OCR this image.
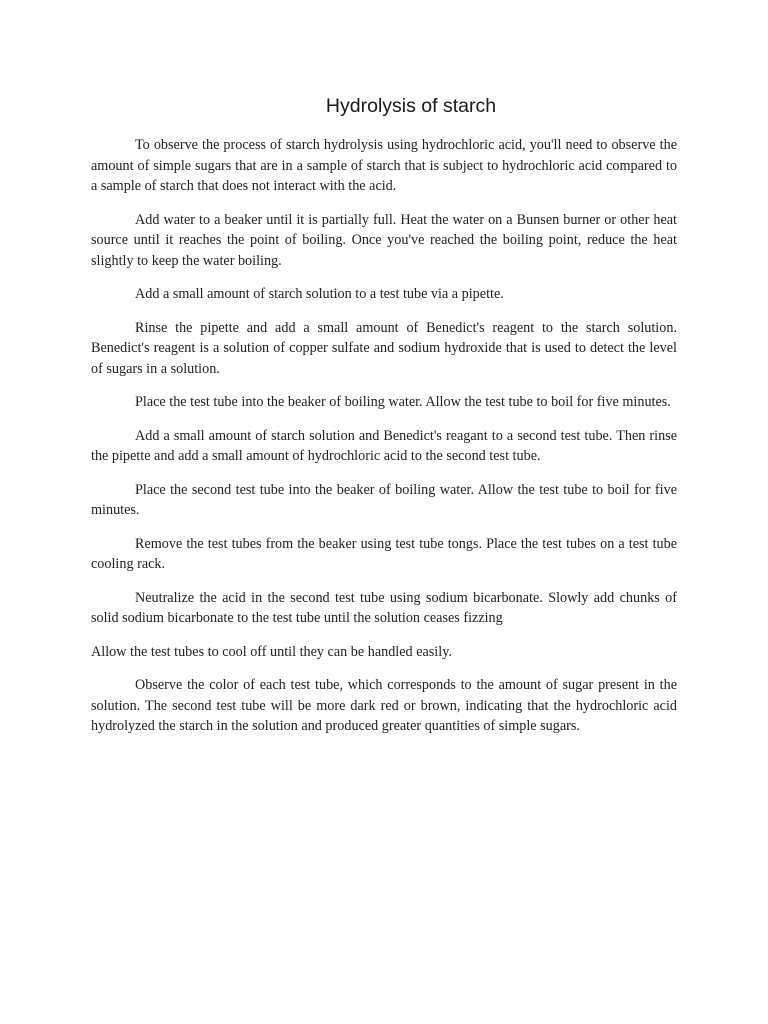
Hydrolysis of starch

To observe the process of starch hydrolysis using hydrochloric acid, you'll need to observe the amount of simple sugars that are in a sample of starch that is subject to hydrochloric acid compared to a sample of starch that does not interact with the acid.

Add water to a beaker until it is partially full. Heat the water on a Bunsen burner or other heat source until it reaches the point of boiling. Once you've reached the boiling point, reduce the heat slightly to keep the water boiling.

Add a small amount of starch solution to a test tube via a pipette.

Rinse the pipette and add a small amount of Benedict's reagent to the starch solution. Benedict's reagent is a solution of copper sulfate and sodium hydroxide that is used to detect the level of sugars in a solution.

Place the test tube into the beaker of boiling water. Allow the test tube to boil for five minutes.

Add a small amount of starch solution and Benedict's reagant to a second test tube. Then rinse the pipette and add a small amount of hydrochloric acid to the second test tube.

Place the second test tube into the beaker of boiling water. Allow the test tube to boil for five minutes.

Remove the test tubes from the beaker using test tube tongs. Place the test tubes on a test tube cooling rack.

Neutralize the acid in the second test tube using sodium bicarbonate. Slowly add chunks of solid sodium bicarbonate to the test tube until the solution ceases fizzing

Allow the test tubes to cool off until they can be handled easily.

Observe the color of each test tube, which corresponds to the amount of sugar present in the solution. The second test tube will be more dark red or brown, indicating that the hydrochloric acid hydrolyzed the starch in the solution and produced greater quantities of simple sugars.
